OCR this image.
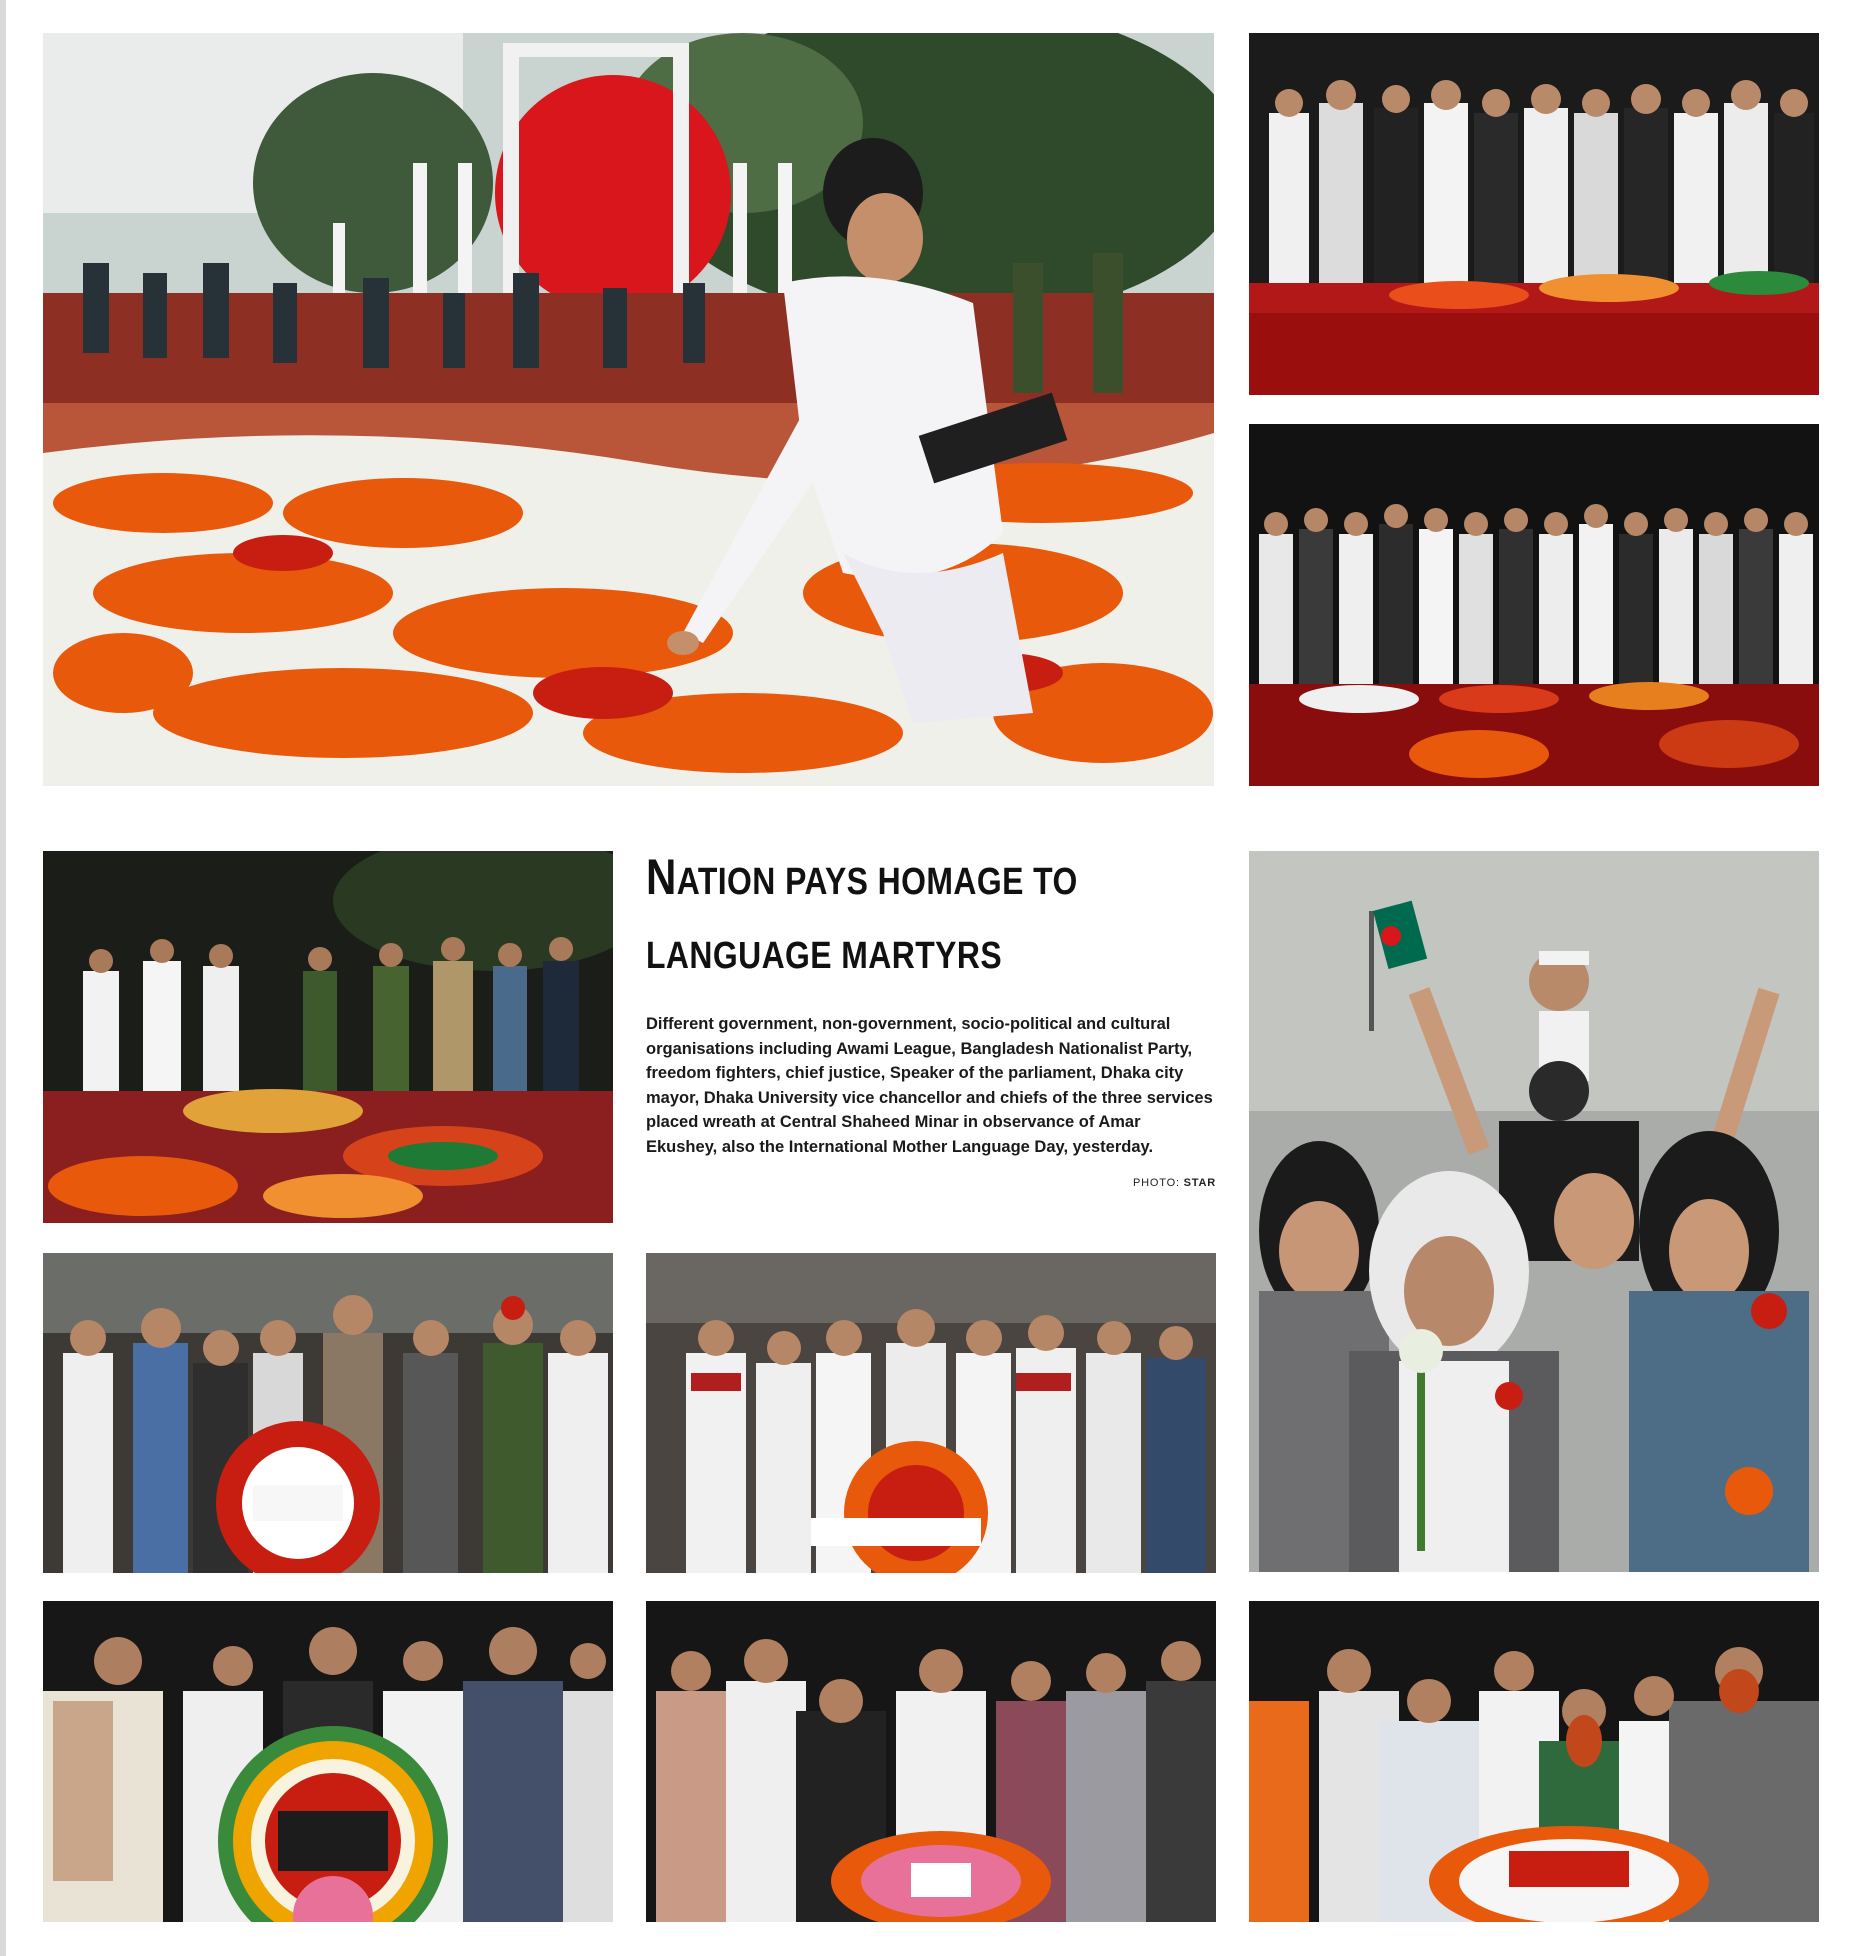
NATION PAYS HOMAGE TO
LANGUAGE MARTYRS

Different government, non-government, socio-political and cultural organisations including Awami League, Bangladesh Nationalist Party, freedom fighters, chief justice, Speaker of the parliament, Dhaka city mayor, Dhaka University vice chancellor and chiefs of the three services placed wreath at Central Shaheed Minar in observance of Amar Ekushey, also the International Mother Language Day, yesterday.

PHOTO: STAR
